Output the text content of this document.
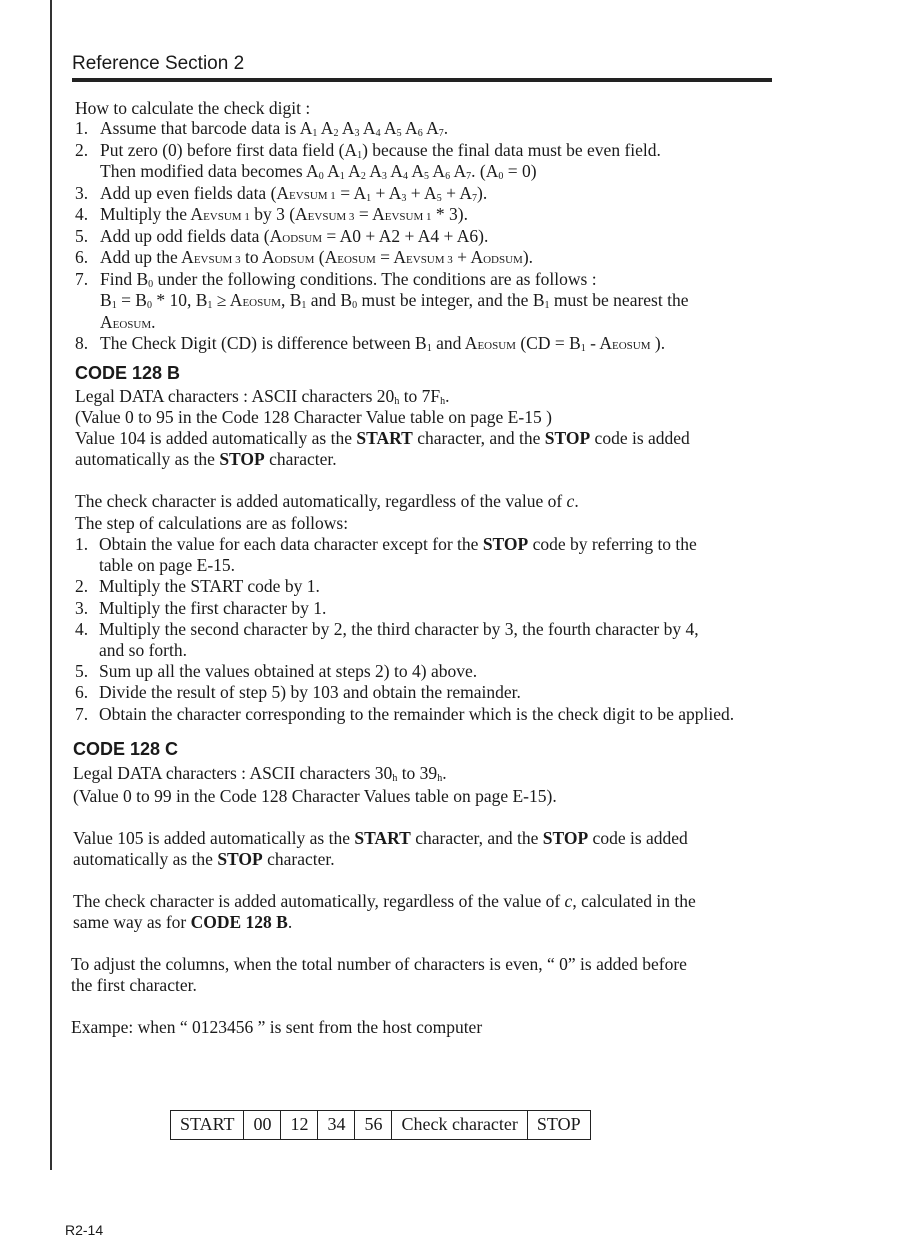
Reference Section 2
How to calculate the check digit :
1. Assume that barcode data is $A_1$ $A_2$ $A_3$ $A_4$ $A_5$ $A_6$ $A_7$.
2. Put zero (0) before first data field $(A_1)$ because the final data must be even field.
Then modified data becomes $A_0$ $A_1$ $A_2$ $A_3$ $A_4$ $A_5$ $A_6$ $A_7$. $(A_0 = 0)$
3. Add up even fields data (AEVSUM $1 = A_1 + A_3 + A_5 + A_7$).
4. Multiply the AEVSUM 1 by 3 (AEVSUM 3 = AEVSUM 1 * 3).
5. Add up odd fields data (AODSUM = A0 + A2 + A4 + A6).
6. Add up the AEVSUM 3 to AODSUM (AEOSUM = AEVSUM 3 + AODSUM).
7. Find $B_0$ under the following conditions. The conditions are as follows :
$B_1 = B_0 * 10$, $B_1$ ≥ AEOSUM, $B_1$ and $B_0$ must be integer, and the $B_1$ must be nearest the
AEOSUM.
8. The Check Digit (CD) is difference between $B_1$ and AEOSUM ($CD = B_1$ - AEOSUM ).
CODE 128 B
Legal DATA characters : ASCII characters $20_h$ to $7F_h$.
(Value 0 to 95 in the Code 128 Character Value table on page E-15 )
Value 104 is added automatically as the START character, and the STOP code is added
automatically as the STOP character.
The check character is added automatically, regardless of the value of c.
The step of calculations are as follows:
1. Obtain the value for each data character except for the STOP code by referring to the
table on page E-15.
2. Multiply the START code by 1.
3. Multiply the first character by 1.
4. Multiply the second character by 2, the third character by 3, the fourth character by 4,
and so forth.
5. Sum up all the values obtained at steps 2) to 4) above.
6. Divide the result of step 5) by 103 and obtain the remainder.
7. Obtain the character corresponding to the remainder which is the check digit to be applied.
CODE 128 C
Legal DATA characters : ASCII characters $30_h$ to $39_h$.
(Value 0 to 99 in the Code 128 Character Values table on page E-15).
Value 105 is added automatically as the START character, and the STOP code is added
automatically as the STOP character.
The check character is added automatically, regardless of the value of c, calculated in the
same way as for CODE 128 B.
To adjust the columns, when the total number of characters is even, “ 0” is added before
the first character.
Exampe: when “ 0123456 ” is sent from the host computer
START	00	12	34	56	Check character	STOP
R2-14
